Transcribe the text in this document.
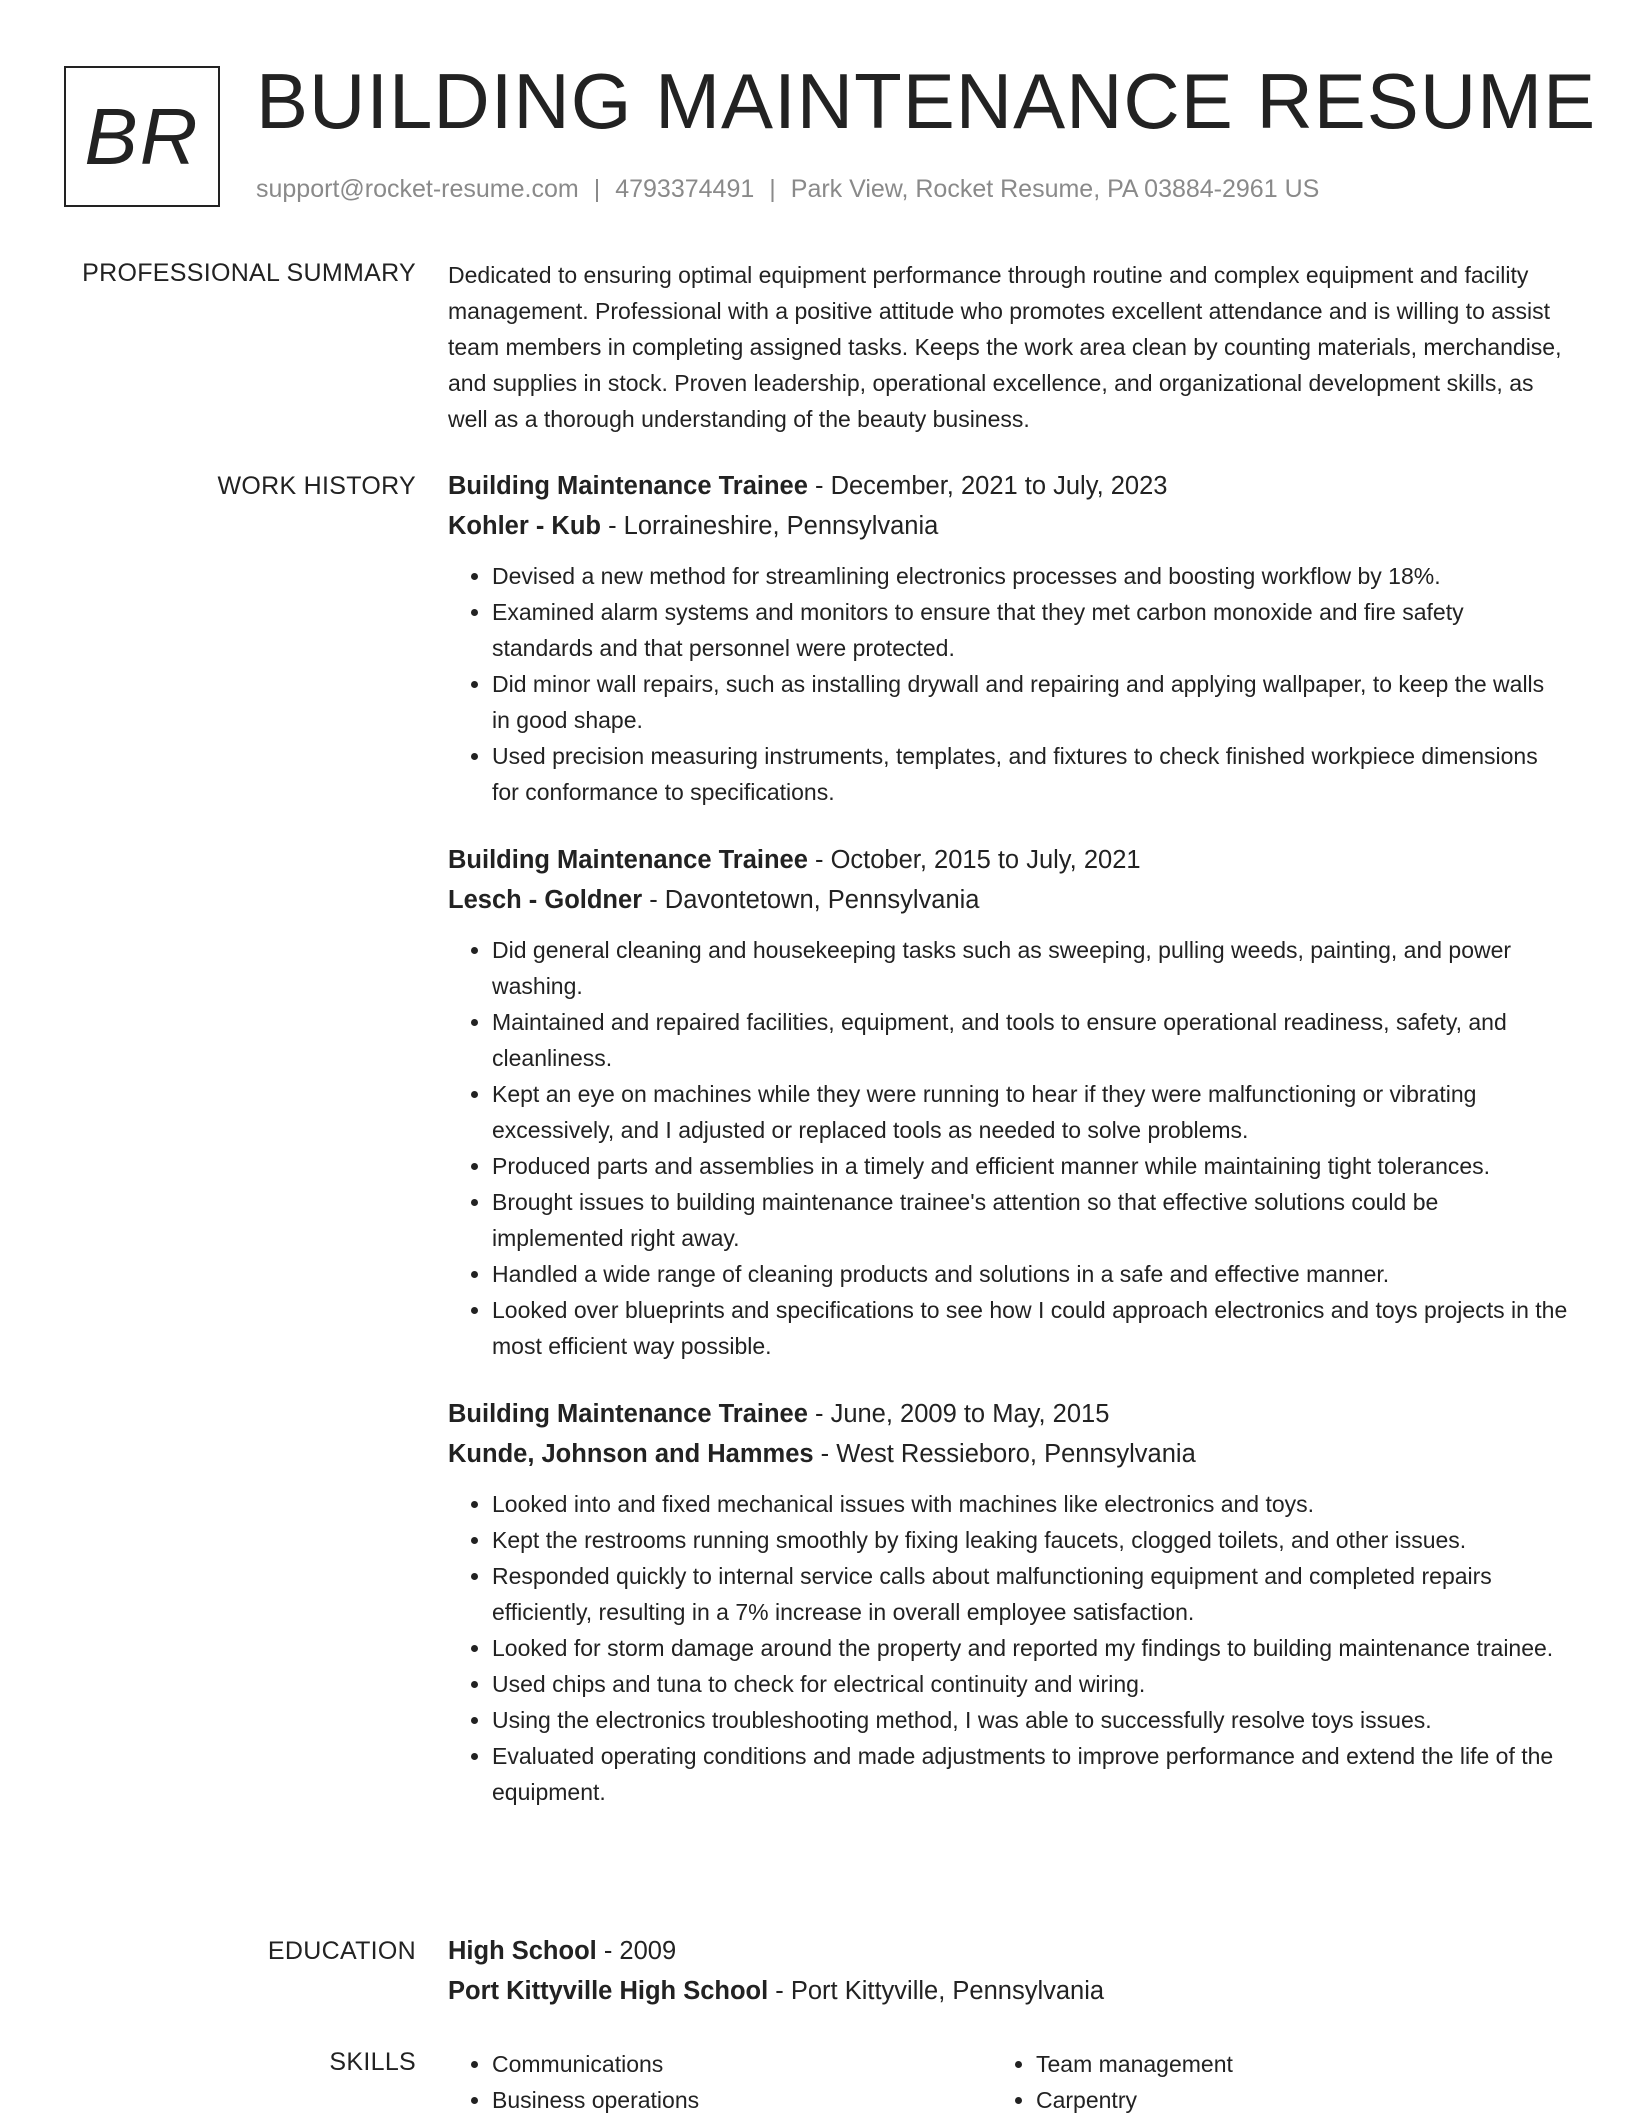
BR BUILDING MAINTENANCE RESUME
support@rocket-resume.com | 4793374491 | Park View, Rocket Resume, PA 03884-2961 US
PROFESSIONAL SUMMARY Dedicated to ensuring optimal equipment performance through routine and complex equipment and facility management. Professional with a positive attitude who promotes excellent attendance and is willing to assist team members in completing assigned tasks. Keeps the work area clean by counting materials, merchandise, and supplies in stock. Proven leadership, operational excellence, and organizational development skills, as well as a thorough understanding of the beauty business.

WORK HISTORY Building Maintenance Trainee - December, 2021 to July, 2023
Kohler - Kub - Lorraineshire, Pennsylvania
• Devised a new method for streamlining electronics processes and boosting workflow by 18%.
• Examined alarm systems and monitors to ensure that they met carbon monoxide and fire safety standards and that personnel were protected.
• Did minor wall repairs, such as installing drywall and repairing and applying wallpaper, to keep the walls in good shape.
• Used precision measuring instruments, templates, and fixtures to check finished workpiece dimensions for conformance to specifications.
Building Maintenance Trainee - October, 2015 to July, 2021
Lesch - Goldner - Davontetown, Pennsylvania
• Did general cleaning and housekeeping tasks such as sweeping, pulling weeds, painting, and power washing.
• Maintained and repaired facilities, equipment, and tools to ensure operational readiness, safety, and cleanliness.
• Kept an eye on machines while they were running to hear if they were malfunctioning or vibrating excessively, and I adjusted or replaced tools as needed to solve problems.
• Produced parts and assemblies in a timely and efficient manner while maintaining tight tolerances.
• Brought issues to building maintenance trainee's attention so that effective solutions could be implemented right away.
• Handled a wide range of cleaning products and solutions in a safe and effective manner.
• Looked over blueprints and specifications to see how I could approach electronics and toys projects in the most efficient way possible.
Building Maintenance Trainee - June, 2009 to May, 2015
Kunde, Johnson and Hammes - West Ressieboro, Pennsylvania
• Looked into and fixed mechanical issues with machines like electronics and toys.
• Kept the restrooms running smoothly by fixing leaking faucets, clogged toilets, and other issues.
• Responded quickly to internal service calls about malfunctioning equipment and completed repairs efficiently, resulting in a 7% increase in overall employee satisfaction.
• Looked for storm damage around the property and reported my findings to building maintenance trainee.
• Used chips and tuna to check for electrical continuity and wiring.
• Using the electronics troubleshooting method, I was able to successfully resolve toys issues.
• Evaluated operating conditions and made adjustments to improve performance and extend the life of the equipment.
EDUCATION High School - 2009
Port Kittyville High School - Port Kittyville, Pennsylvania
SKILLS
•	Communications
• Business operations
• Team management
• Carpentry
